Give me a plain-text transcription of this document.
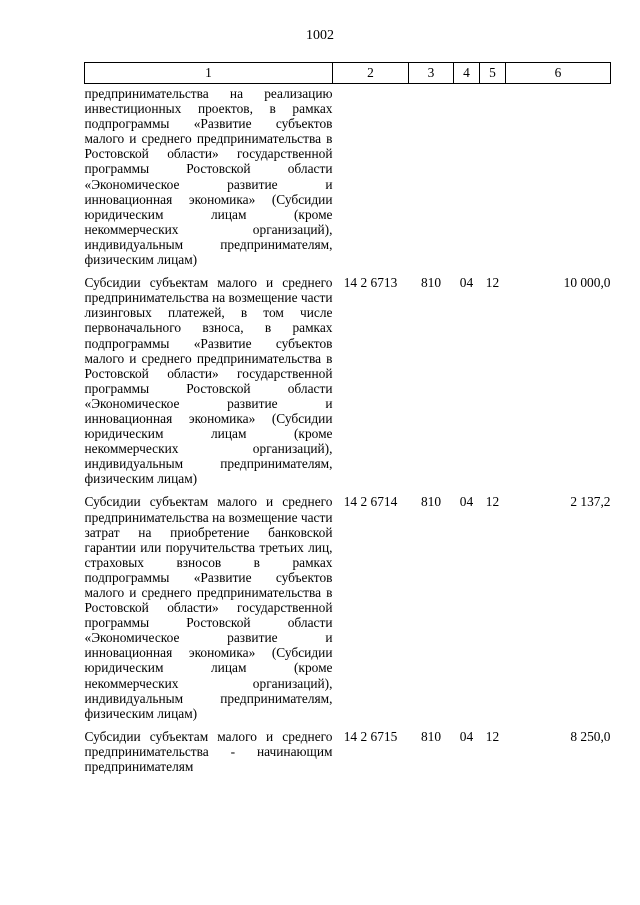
1002
1	2	3	4	5	6
предпринимательства на реализацию инвестиционных проектов, в рамках подпрограммы «Развитие субъектов малого и среднего предпринимательства в Ростовской области» государственной программы Ростовской области «Экономическое развитие и инновационная экономика» (Субсидии юридическим лицам (кроме некоммерческих организаций), индивидуальным предпринимателям, физическим лицам)					
Субсидии субъектам малого и среднего предпринимательства на возмещение части лизинговых платежей, в том числе первоначального взноса, в рамках подпрограммы «Развитие субъектов малого и среднего предпринимательства в Ростовской области» государственной программы Ростовской области «Экономическое развитие и инновационная экономика» (Субсидии юридическим лицам (кроме некоммерческих организаций), индивидуальным предпринимателям, физическим лицам)	14 2 6713	810	04	12	10 000,0
Субсидии субъектам малого и среднего предпринимательства на возмещение части затрат на приобретение банковской гарантии или поручительства третьих лиц, страховых взносов в рамках подпрограммы «Развитие субъектов малого и среднего предпринимательства в Ростовской области» государственной программы Ростовской области «Экономическое развитие и инновационная экономика» (Субсидии юридическим лицам (кроме некоммерческих организаций), индивидуальным предпринимателям, физическим лицам)	14 2 6714	810	04	12	2 137,2
Субсидии субъектам малого и среднего предпринимательства - начинающим предпринимателям	14 2 6715	810	04	12	8 250,0
